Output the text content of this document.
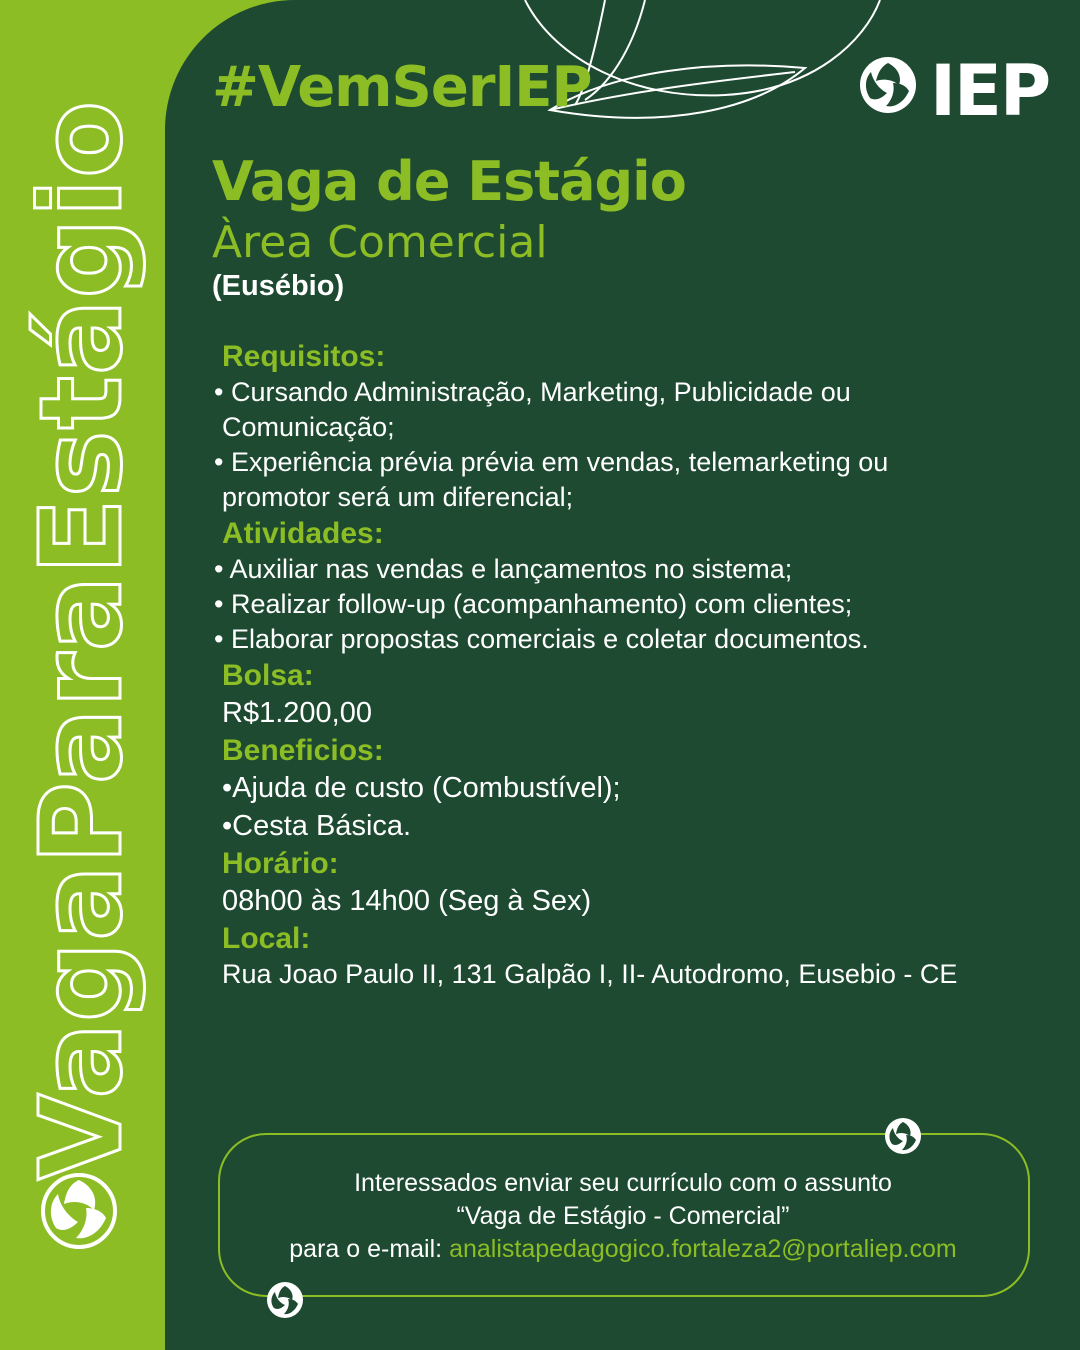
VagaParaEstágio
IEP
#VemSerIEP
Vaga de Estágio
Àrea Comercial
(Eusébio)
Requisitos:
• Cursando Administração, Marketing, Publicidade ou
Comunicação;
• Experiência prévia prévia em vendas, telemarketing ou
promotor será um diferencial;
Atividades:
• Auxiliar nas vendas e lançamentos no sistema;
• Realizar follow-up (acompanhamento) com clientes;
• Elaborar propostas comerciais e coletar documentos.
Bolsa:
R$1.200,00
Beneficios:
•Ajuda de custo (Combustível);
•Cesta Básica.
Horário:
08h00 às 14h00 (Seg à Sex)
Local:
Rua Joao Paulo II, 131 Galpão I, II- Autodromo, Eusebio - CE
Interessados enviar seu currículo com o assunto
“Vaga de Estágio - Comercial”
para o e-mail: analistapedagogico.fortaleza2@portaliep.com
